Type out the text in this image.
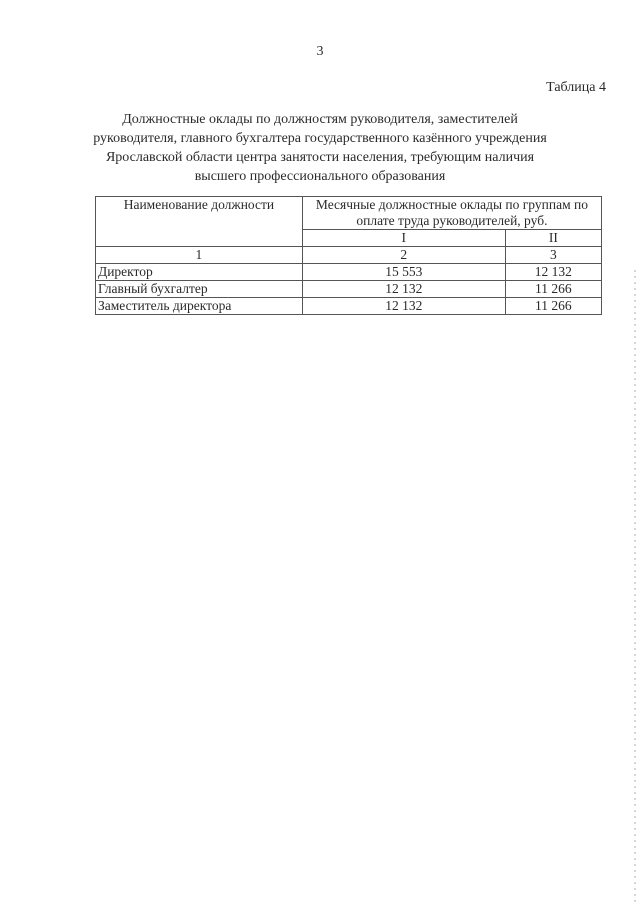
3
Таблица 4
Должностные оклады по должностям руководителя, заместителей
руководителя, главного бухгалтера государственного казённого учреждения
Ярославской области центра занятости населения, требующим наличия
высшего профессионального образования
Наименование должности	Месячные должностные оклады по группам по оплате труда руководителей, руб.	
	I	II
1	2	3
Директор	15 553	12 132
Главный бухгалтер	12 132	11 266
Заместитель директора	12 132	11 266
